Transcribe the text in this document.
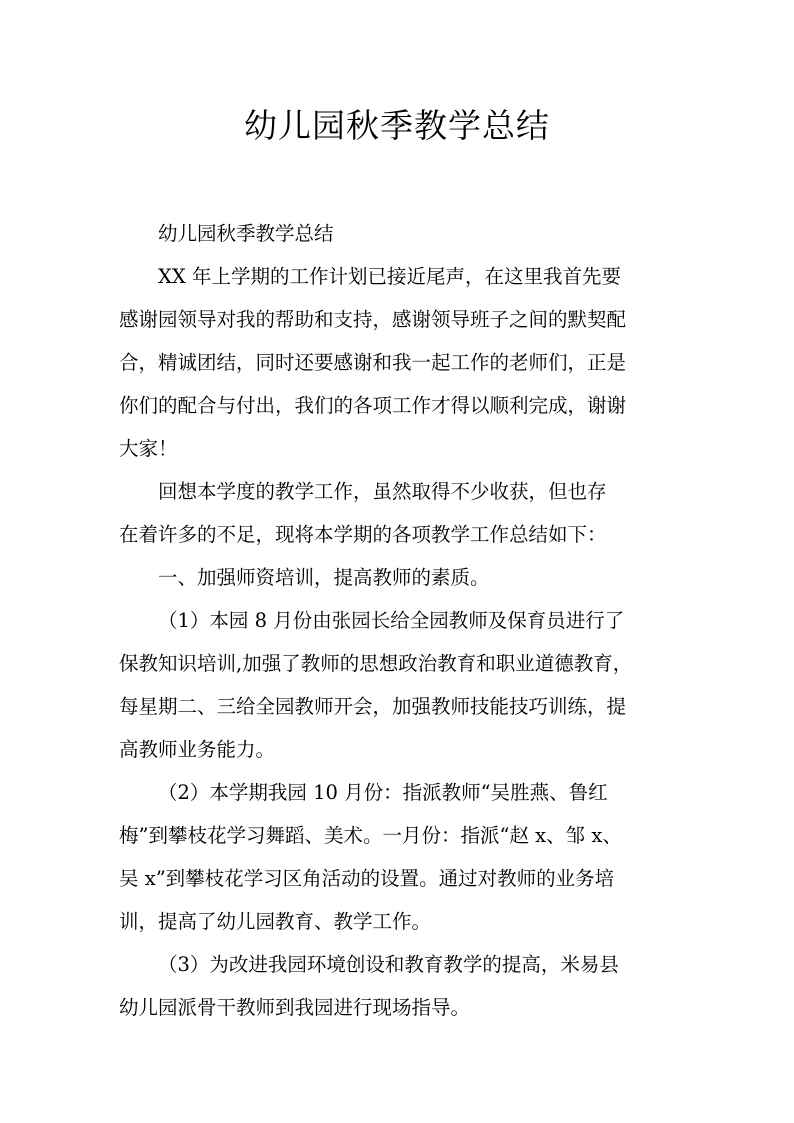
幼儿园秋季教学总结

幼儿园秋季教学总结

XX 年上学期的工作计划已接近尾声，在这里我首先要
感谢园领导对我的帮助和支持，感谢领导班子之间的默契配
合，精诚团结，同时还要感谢和我一起工作的老师们，正是
你们的配合与付出，我们的各项工作才得以顺利完成，谢谢
大家！

回想本学度的教学工作，虽然取得不少收获，但也存
在着许多的不足，现将本学期的各项教学工作总结如下：

一、加强师资培训，提高教师的素质。

（1）本园 8 月份由张园长给全园教师及保育员进行了
保教知识培训,加强了教师的思想政治教育和职业道德教育，
每星期二、三给全园教师开会，加强教师技能技巧训练，提
高教师业务能力。

（2）本学期我园 10 月份：指派教师“吴胜燕、鲁红
梅”到攀枝花学习舞蹈、美术。一月份：指派“赵 x、邹 x、
吴 x”到攀枝花学习区角活动的设置。通过对教师的业务培
训，提高了幼儿园教育、教学工作。

（3）为改进我园环境创设和教育教学的提高，米易县
幼儿园派骨干教师到我园进行现场指导。
